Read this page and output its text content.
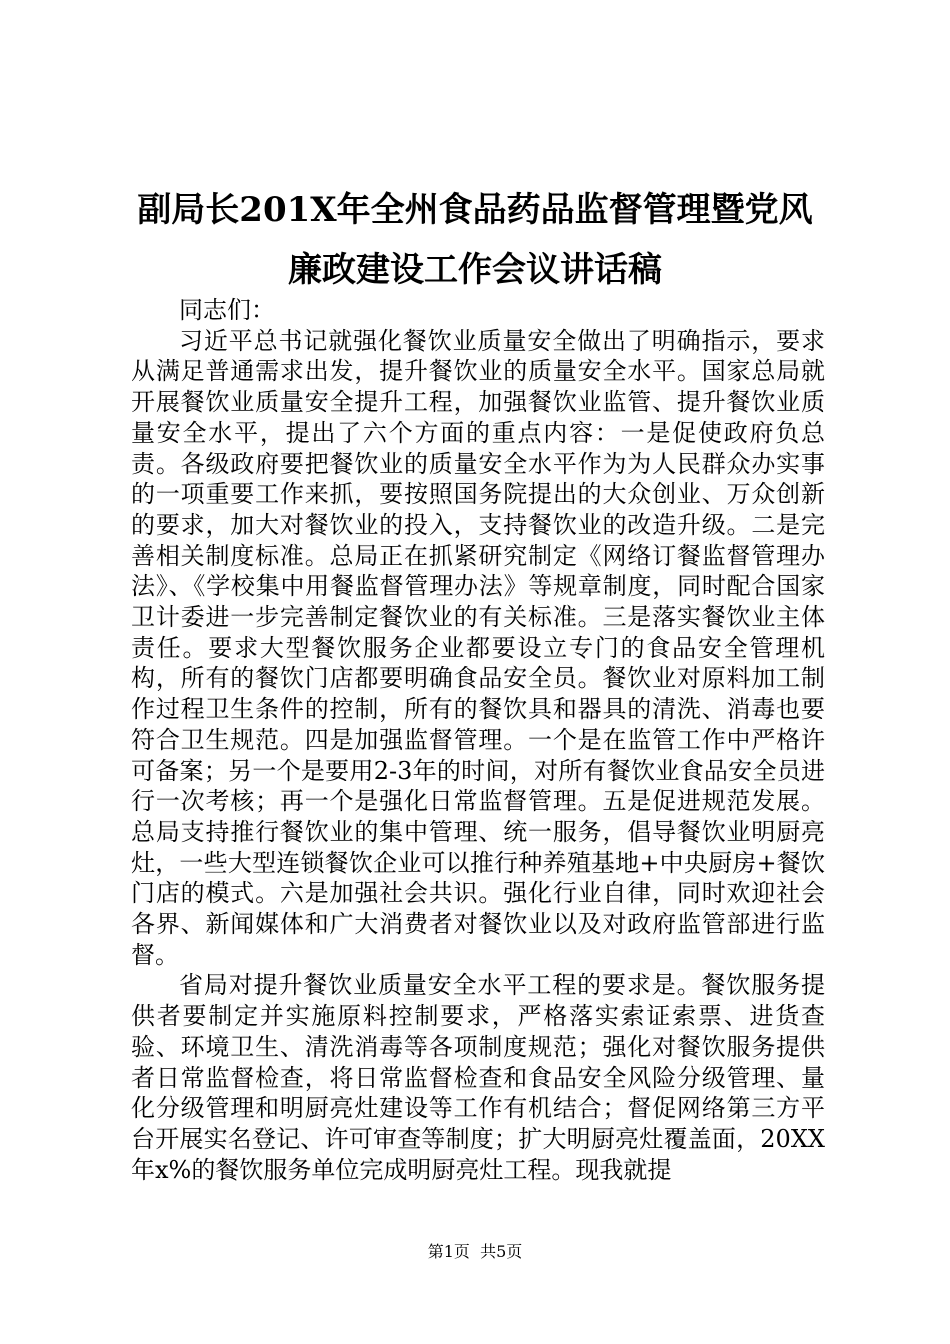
副局长201X年全州食品药品监督管理暨党风
廉政建设工作会议讲话稿

同志们：

习近平总书记就强化餐饮业质量安全做出了明确指示，要求从满足普通需求出发，提升餐饮业的质量安全水平。国家总局就开展餐饮业质量安全提升工程，加强餐饮业监管、提升餐饮业质量安全水平，提出了六个方面的重点内容：一是促使政府负总责。各级政府要把餐饮业的质量安全水平作为为人民群众办实事的一项重要工作来抓，要按照国务院提出的大众创业、万众创新的要求，加大对餐饮业的投入，支持餐饮业的改造升级。二是完善相关制度标准。总局正在抓紧研究制定《网络订餐监督管理办法》、《学校集中用餐监督管理办法》等规章制度，同时配合国家卫计委进一步完善制定餐饮业的有关标准。三是落实餐饮业主体责任。要求大型餐饮服务企业都要设立专门的食品安全管理机构，所有的餐饮门店都要明确食品安全员。餐饮业对原料加工制作过程卫生条件的控制，所有的餐饮具和器具的清洗、消毒也要符合卫生规范。四是加强监督管理。一个是在监管工作中严格许可备案；另一个是要用2-3年的时间，对所有餐饮业食品安全员进行一次考核；再一个是强化日常监督管理。五是促进规范发展。总局支持推行餐饮业的集中管理、统一服务，倡导餐饮业明厨亮灶，一些大型连锁餐饮企业可以推行种养殖基地+中央厨房+餐饮门店的模式。六是加强社会共识。强化行业自律，同时欢迎社会各界、新闻媒体和广大消费者对餐饮业以及对政府监管部进行监督。

省局对提升餐饮业质量安全水平工程的要求是。餐饮服务提供者要制定并实施原料控制要求，严格落实索证索票、进货查验、环境卫生、清洗消毒等各项制度规范；强化对餐饮服务提供者日常监督检查，将日常监督检查和食品安全风险分级管理、量化分级管理和明厨亮灶建设等工作有机结合；督促网络第三方平台开展实名登记、许可审查等制度；扩大明厨亮灶覆盖面，20XX年x%的餐饮服务单位完成明厨亮灶工程。现我就提

第1页  共5页
